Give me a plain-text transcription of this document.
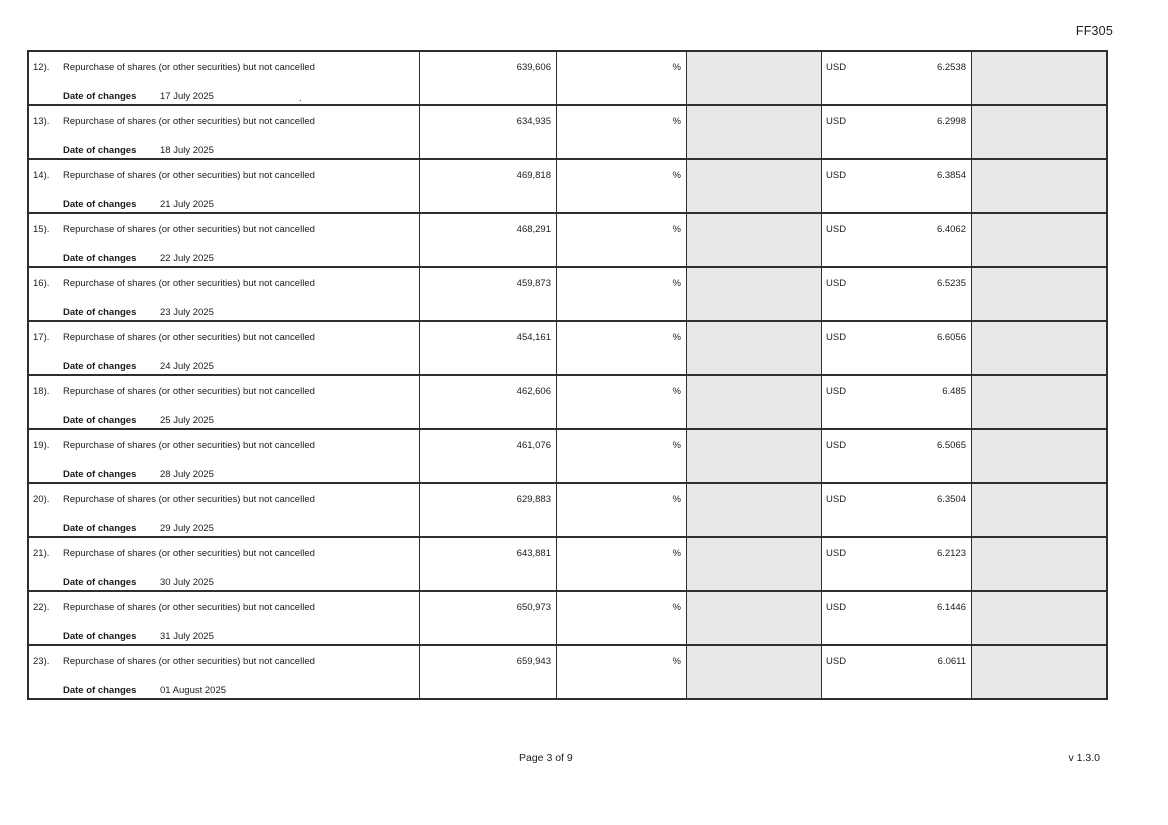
FF305
12). Repurchase of shares (or other securities) but not cancelled
Date of changes 17 July 2025	.
639,606	%	USD	6.2538
13). Repurchase of shares (or other securities) but not cancelled
Date of changes 18 July 2025
634,935	%	USD	6.2998
14). Repurchase of shares (or other securities) but not cancelled
Date of changes 21 July 2025
469,818	%	USD	6.3854
15). Repurchase of shares (or other securities) but not cancelled
Date of changes 22 July 2025
468,291	%	USD	6.4062
16). Repurchase of shares (or other securities) but not cancelled
Date of changes 23 July 2025
459,873	%	USD	6.5235
17). Repurchase of shares (or other securities) but not cancelled
Date of changes 24 July 2025
454,161	%	USD	6.6056
18). Repurchase of shares (or other securities) but not cancelled
Date of changes 25 July 2025
462,606	%	USD	6.485
19). Repurchase of shares (or other securities) but not cancelled
Date of changes 28 July 2025
461,076	%	USD	6.5065
20). Repurchase of shares (or other securities) but not cancelled
Date of changes 29 July 2025
629,883	%	USD	6.3504
21). Repurchase of shares (or other securities) but not cancelled
Date of changes 30 July 2025
643,881	%	USD	6.2123
22). Repurchase of shares (or other securities) but not cancelled
Date of changes 31 July 2025
650,973	%	USD	6.1446
23). Repurchase of shares (or other securities) but not cancelled
Date of changes 01 August 2025
659,943	%	USD	6.0611
Page 3 of 9	v 1.3.0
